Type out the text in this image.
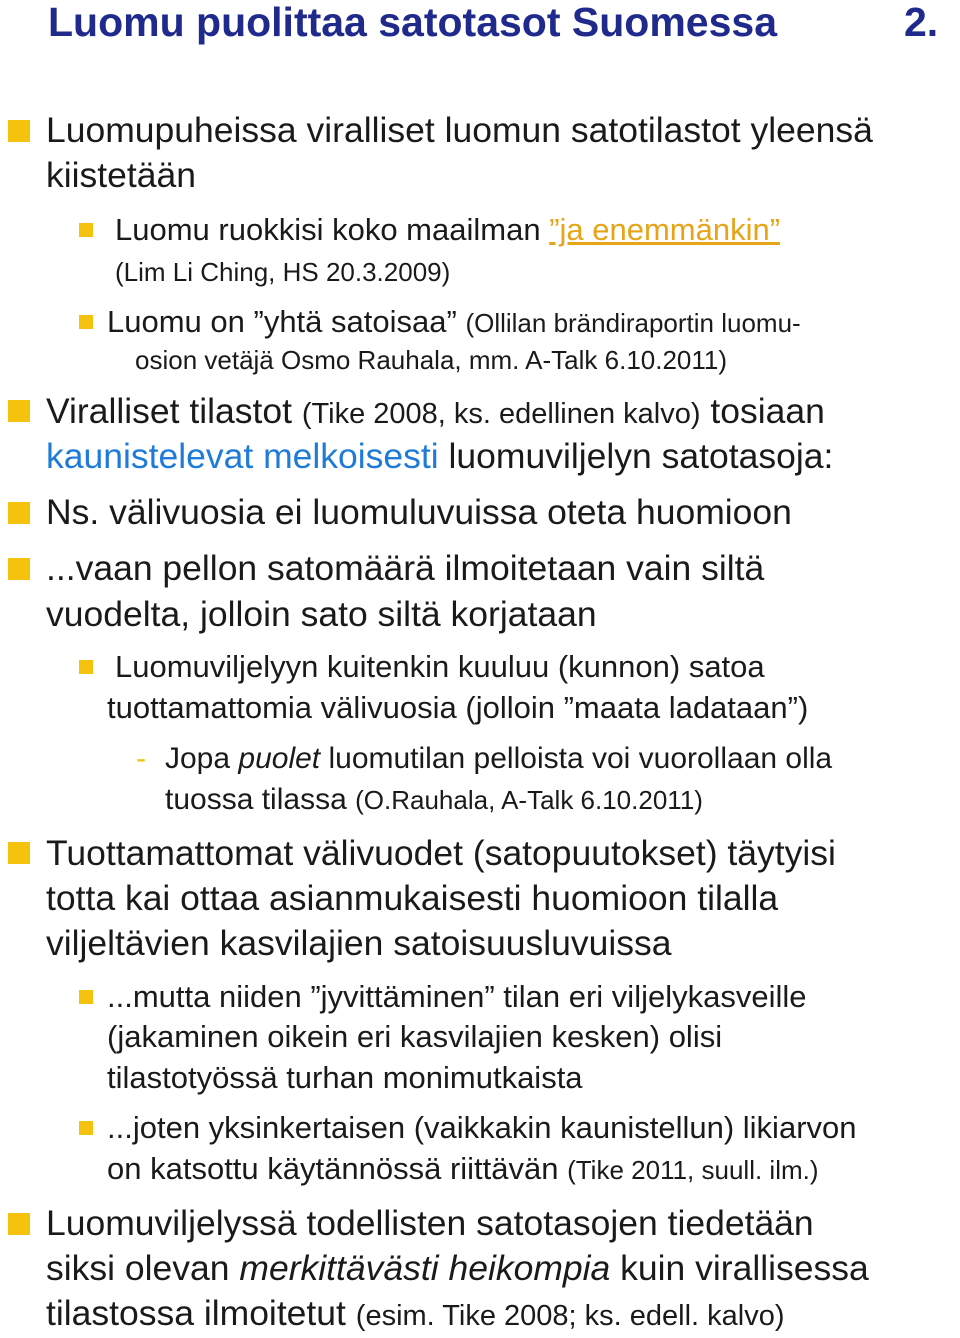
Luomu puolittaa satotasot Suomessa	2.
Luomupuheissa viralliset luomun satotilastot yleensä
kiistetään
Luomu ruokkisi koko maailman ”ja enemmänkin”
(Lim Li Ching, HS 20.3.2009)
Luomu on ”yhtä satoisaa” (Ollilan brändiraportin luomu-
osion vetäjä Osmo Rauhala, mm. A-Talk 6.10.2011)
Viralliset tilastot (Tike 2008, ks. edellinen kalvo) tosiaan
kaunistelevat melkoisesti luomuviljelyn satotasoja:
Ns. välivuosia ei luomuluvuissa oteta huomioon
...vaan pellon satomäärä ilmoitetaan vain siltä
vuodelta, jolloin sato siltä korjataan
Luomuviljelyyn kuitenkin kuuluu (kunnon) satoa
tuottamattomia välivuosia (jolloin ”maata ladataan”)
- Jopa puolet luomutilan pelloista voi vuorollaan olla
tuossa tilassa (O.Rauhala, A-Talk 6.10.2011)
Tuottamattomat välivuodet (satopuutokset) täytyisi
totta kai ottaa asianmukaisesti huomioon tilalla
viljeltävien kasvilajien satoisuusluvuissa
...mutta niiden ”jyvittäminen” tilan eri viljelykasveille
(jakaminen oikein eri kasvilajien kesken) olisi
tilastotyössä turhan monimutkaista
...joten yksinkertaisen (vaikkakin kaunistellun) likiarvon
on katsottu käytännössä riittävän (Tike 2011, suull. ilm.)
Luomuviljelyssä todellisten satotasojen tiedetään
siksi olevan merkittävästi heikompia kuin virallisessa
tilastossa ilmoitetut (esim. Tike 2008; ks. edell. kalvo)
